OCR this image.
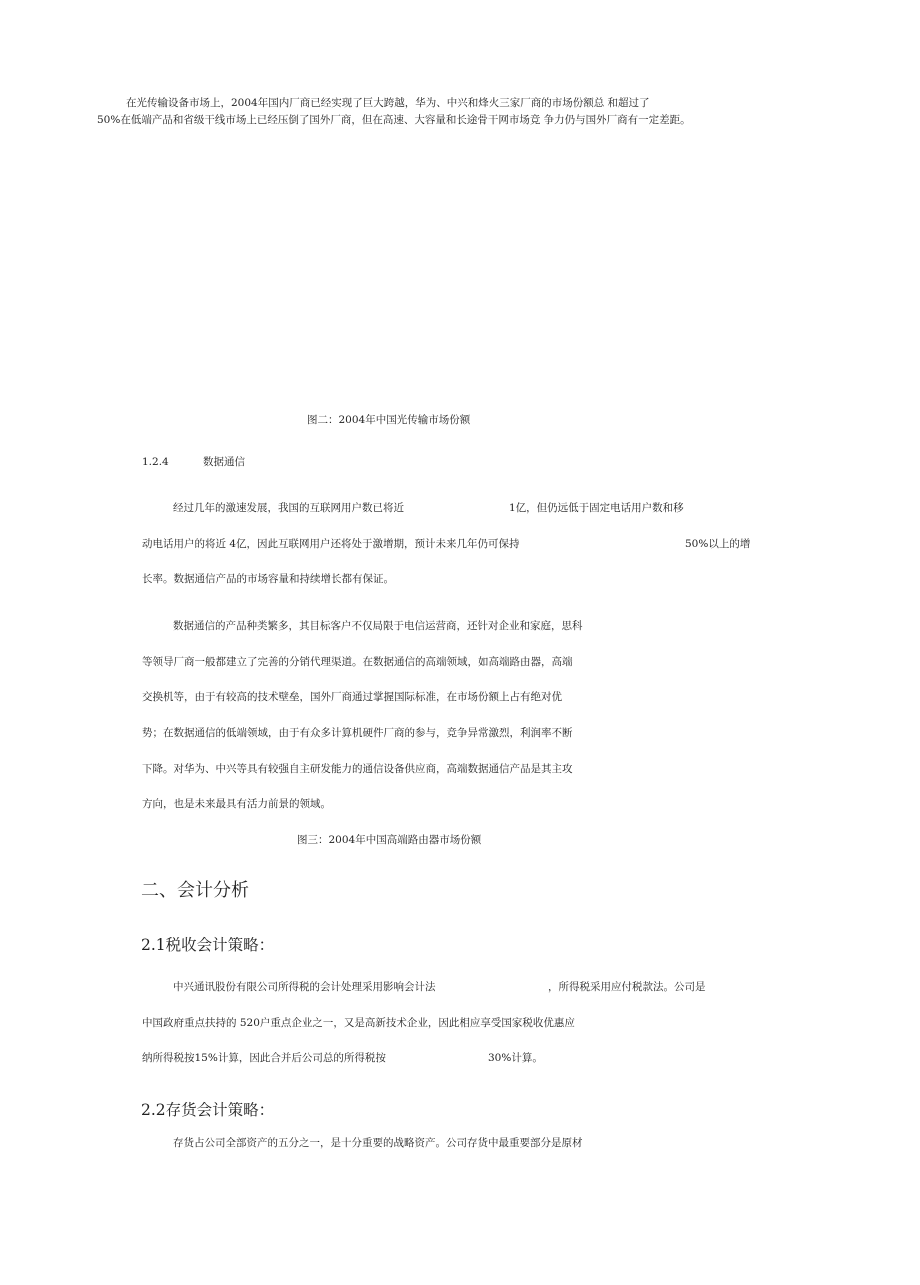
在光传输设备市场上，2004年国内厂商已经实现了巨大跨越，华为、中兴和烽火三家厂商的市场份额总 和超过了
50%在低端产品和省级干线市场上已经压倒了国外厂商，但在高速、大容量和长途骨干网市场竞 争力仍与国外厂商有一定差距。
图二：2004年中国光传输市场份额
1.2.4	数据通信
经过几年的激速发展，我国的互联网用户数已将近	1亿，但仍远低于固定电话用户数和移
动电话用户的将近 4亿，因此互联网用户还将处于激增期，预计未来几年仍可保持	50%以上的增
长率。数据通信产品的市场容量和持续增长都有保证。
数据通信的产品种类繁多，其目标客户不仅局限于电信运营商，还针对企业和家庭，思科
等领导厂商一般都建立了完善的分销代理渠道。在数据通信的高端领域，如高端路由器，高端
交换机等，由于有较高的技术壁垒，国外厂商通过掌握国际标准，在市场份额上占有绝对优
势；在数据通信的低端领域，由于有众多计算机硬件厂商的参与，竞争异常激烈，利润率不断
下降。对华为、中兴等具有较强自主研发能力的通信设备供应商，高端数据通信产品是其主攻
方向，也是未来最具有活力前景的领域。
图三：2004年中国高端路由器市场份额
二、会计分析
2.1税收会计策略：
中兴通讯股份有限公司所得税的会计处理采用影响会计法	，所得税采用应付税款法。公司是
中国政府重点扶持的 520户重点企业之一，又是高新技术企业，因此相应享受国家税收优惠应
纳所得税按15%计算，因此合并后公司总的所得税按	30%计算。
2.2存货会计策略：
存货占公司全部资产的五分之一，是十分重要的战略资产。公司存货中最重要部分是原材
